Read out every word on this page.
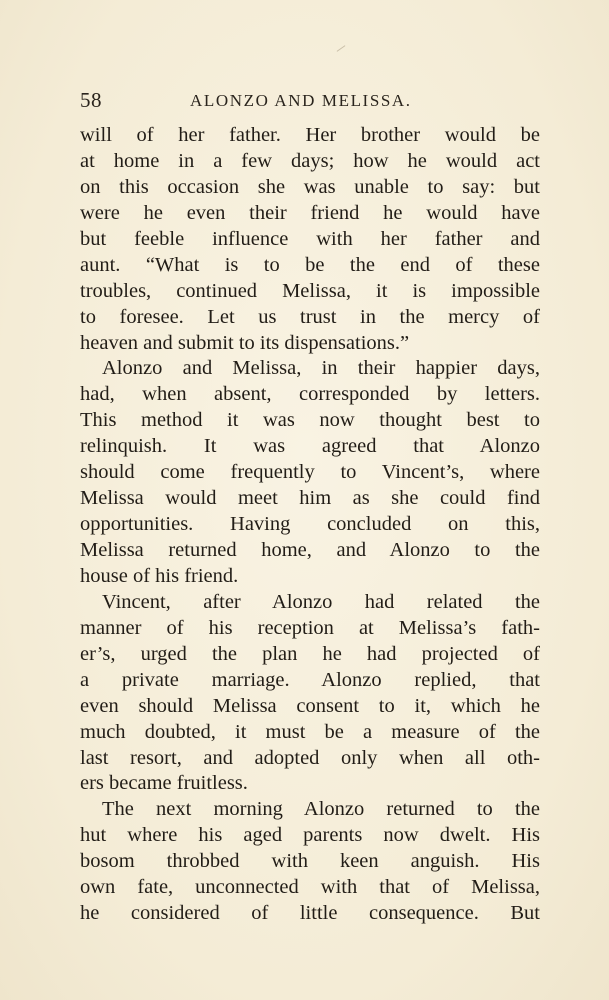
58	ALONZO AND MELISSA.
will of her father. Her brother would be
at home in a few days; how he would act
on this occasion she was unable to say: but
were he even their friend he would have
but feeble influence with her father and
aunt. “What is to be the end of these
troubles, continued Melissa, it is impossible
to foresee. Let us trust in the mercy of
heaven and submit to its dispensations.”
Alonzo and Melissa, in their happier days,
had, when absent, corresponded by letters.
This method it was now thought best to
relinquish. It was agreed that Alonzo
should come frequently to Vincent’s, where
Melissa would meet him as she could find
opportunities. Having concluded on this,
Melissa returned home, and Alonzo to the
house of his friend.
Vincent, after Alonzo had related the
manner of his reception at Melissa’s fath-
er’s, urged the plan he had projected of
a private marriage. Alonzo replied, that
even should Melissa consent to it, which he
much doubted, it must be a measure of the
last resort, and adopted only when all oth-
ers became fruitless.
The next morning Alonzo returned to the
hut where his aged parents now dwelt. His
bosom throbbed with keen anguish. His
own fate, unconnected with that of Melissa,
he considered of little consequence. But
